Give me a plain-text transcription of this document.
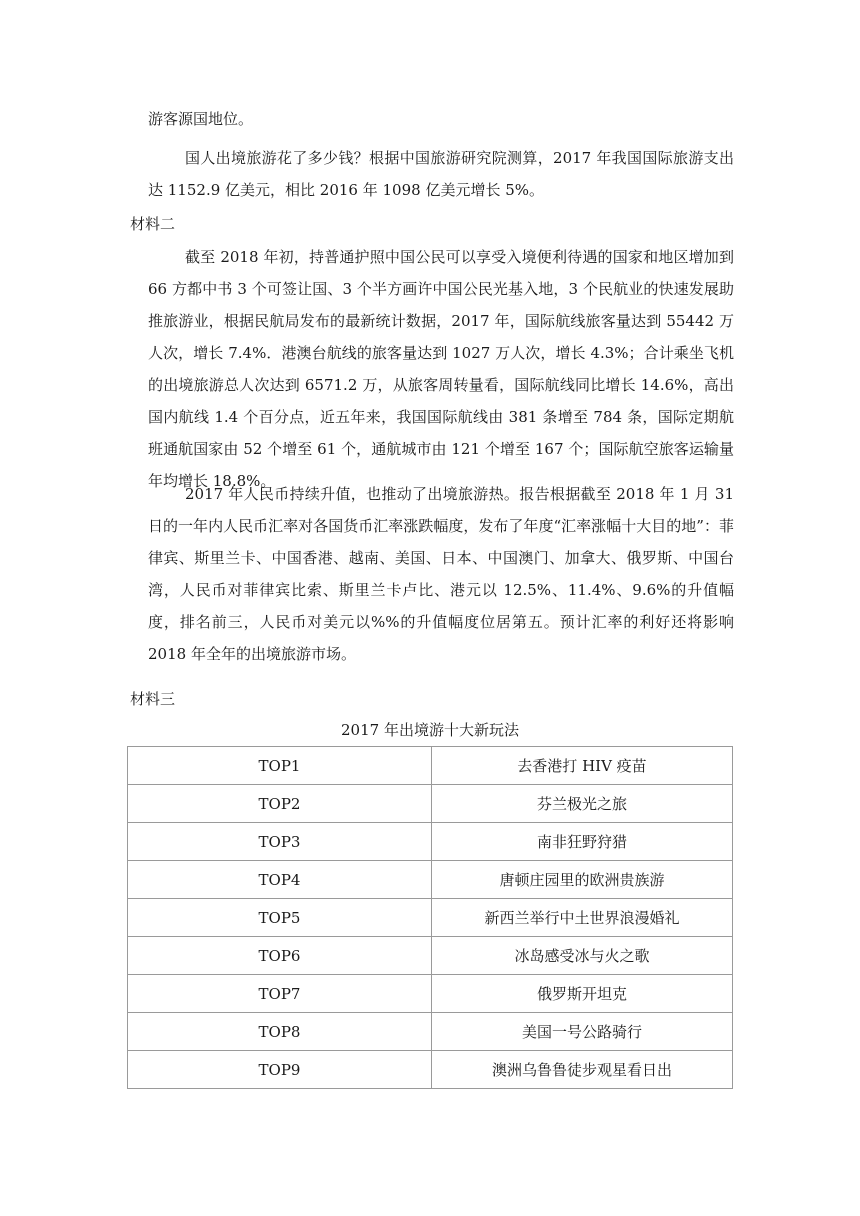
游客源国地位。

国人出境旅游花了多少钱？根据中国旅游研究院测算，2017 年我国国际旅游支出达 1152.9 亿美元，相比 2016 年 1098 亿美元增长 5%。

材料二

截至 2018 年初，持普通护照中国公民可以享受入境便利待遇的国家和地区增加到 66 方都中书 3 个可签让国、3 个半方画许中国公民光基入地，3 个民航业的快速发展助推旅游业，根据民航局发布的最新统计数据，2017 年，国际航线旅客量达到 55442 万人次，增长 7.4%．港澳台航线的旅客量达到 1027 万人次，增长 4.3%；合计乘坐飞机的出境旅游总人次达到 6571.2 万，从旅客周转量看，国际航线同比增长 14.6%，高出国内航线 1.4 个百分点，近五年来，我国国际航线由 381 条增至 784 条，国际定期航班通航国家由 52 个增至 61 个，通航城市由 121 个增至 167 个；国际航空旅客运输量年均增长 18.8%。

2017 年人民币持续升值，也推动了出境旅游热。报告根据截至 2018 年 1 月 31 日的一年内人民币汇率对各国货币汇率涨跌幅度，发布了年度“汇率涨幅十大目的地”：菲律宾、斯里兰卡、中国香港、越南、美国、日本、中国澳门、加拿大、俄罗斯、中国台湾，人民币对菲律宾比索、斯里兰卡卢比、港元以 12.5%、11.4%、9.6%的升值幅度，排名前三，人民币对美元以%%的升值幅度位居第五。预计汇率的利好还将影响 2018 年全年的出境旅游市场。

材料三

2017 年出境游十大新玩法

TOP1	去香港打 HIV 疫苗
TOP2	芬兰极光之旅
TOP3	南非狂野狩猎
TOP4	唐顿庄园里的欧洲贵族游
TOP5	新西兰举行中土世界浪漫婚礼
TOP6	冰岛感受冰与火之歌
TOP7	俄罗斯开坦克
TOP8	美国一号公路骑行
TOP9	澳洲乌鲁鲁徒步观星看日出
